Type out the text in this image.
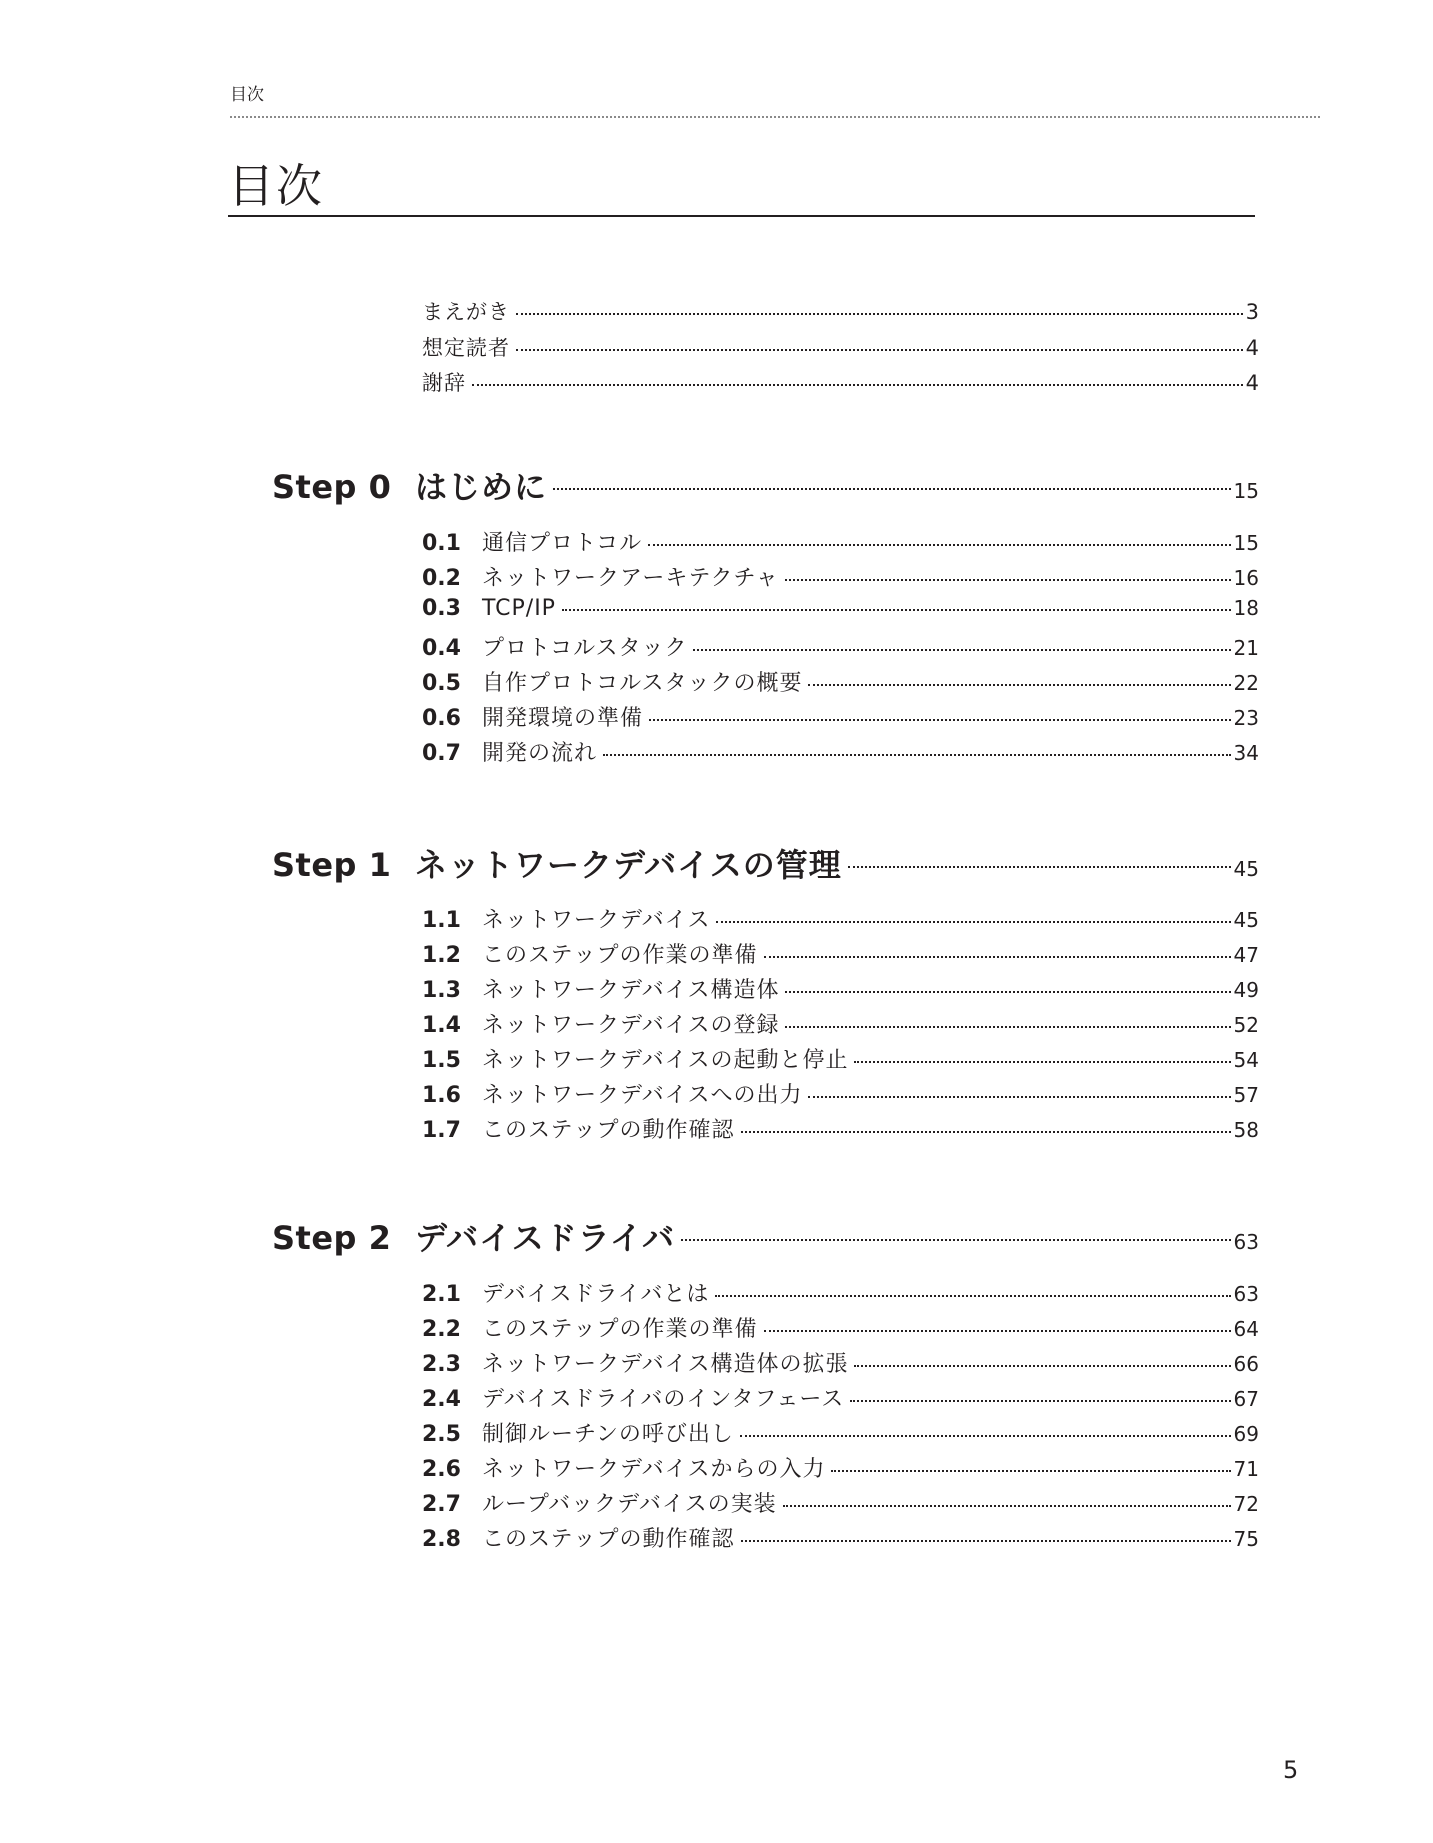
目次
目次
まえがき	3
想定読者	4
謝辞	4
Step 0 はじめに	15
0.1 通信プロトコル	15
0.2 ネットワークアーキテクチャ	16
0.3 TCP/IP	18
0.4 プロトコルスタック	21
0.5 自作プロトコルスタックの概要	22
0.6 開発環境の準備	23
0.7 開発の流れ	34
Step 1 ネットワークデバイスの管理	45
1.1 ネットワークデバイス	45
1.2 このステップの作業の準備	47
1.3 ネットワークデバイス構造体	49
1.4 ネットワークデバイスの登録	52
1.5 ネットワークデバイスの起動と停止	54
1.6 ネットワークデバイスへの出力	57
1.7 このステップの動作確認	58
Step 2 デバイスドライバ	63
2.1 デバイスドライバとは	63
2.2 このステップの作業の準備	64
2.3 ネットワークデバイス構造体の拡張	66
2.4 デバイスドライバのインタフェース	67
2.5 制御ルーチンの呼び出し	69
2.6 ネットワークデバイスからの入力	71
2.7 ループバックデバイスの実装	72
2.8 このステップの動作確認	75
5
